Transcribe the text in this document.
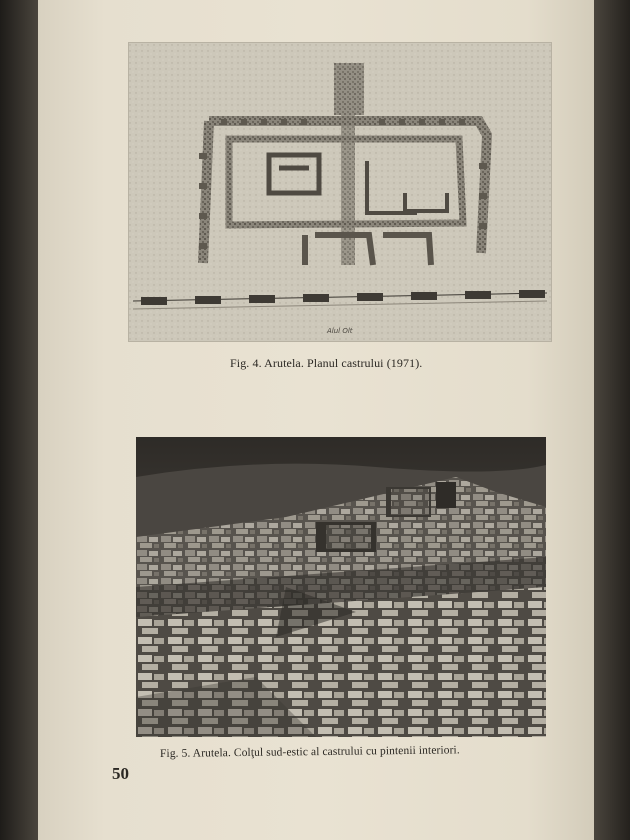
Alul Olt
Fig. 4. Arutela. Planul castrului (1971).
Fig. 5. Arutela. Colţul sud-estic al castrului cu pintenii interiori.
50
